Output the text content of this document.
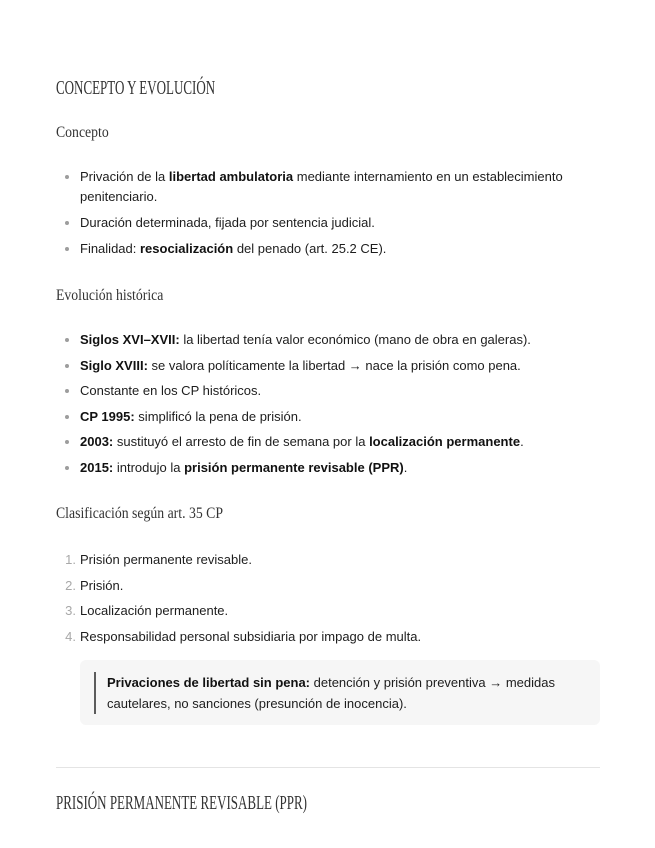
CONCEPTO Y EVOLUCIÓN
Concepto
Privación de la libertad ambulatoria mediante internamiento en un establecimiento penitenciario.
Duración determinada, fijada por sentencia judicial.
Finalidad: resocialización del penado (art. 25.2 CE).
Evolución histórica
Siglos XVI–XVII: la libertad tenía valor económico (mano de obra en galeras).
Siglo XVIII: se valora políticamente la libertad → nace la prisión como pena.
Constante en los CP históricos.
CP 1995: simplificó la pena de prisión.
2003: sustituyó el arresto de fin de semana por la localización permanente.
2015: introdujo la prisión permanente revisable (PPR).
Clasificación según art. 35 CP
1. Prisión permanente revisable.
2. Prisión.
3. Localización permanente.
4. Responsabilidad personal subsidiaria por impago de multa.
Privaciones de libertad sin pena: detención y prisión preventiva → medidas cautelares, no sanciones (presunción de inocencia).
PRISIÓN PERMANENTE REVISABLE (PPR)
